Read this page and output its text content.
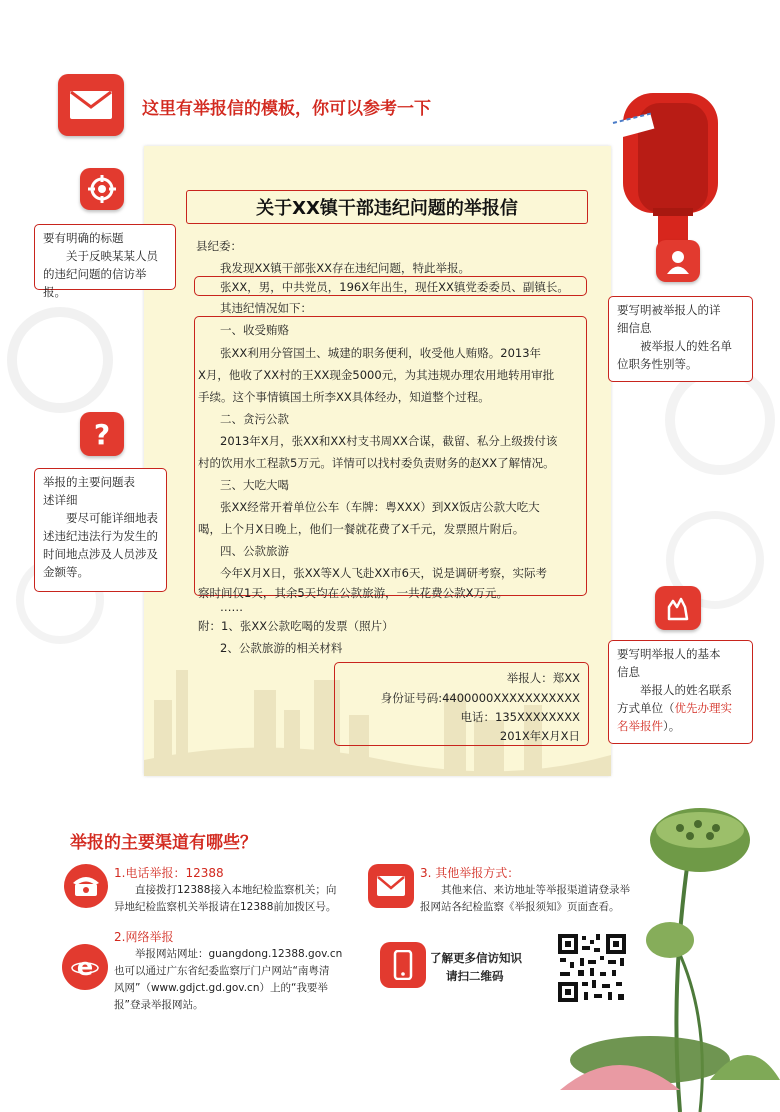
这里有举报信的模板，你可以参考一下
关于XX镇干部违纪问题的举报信
县纪委：
我发现XX镇干部张XX存在违纪问题，特此举报。
张XX，男，中共党员，196X年出生，现任XX镇党委委员、副镇长。
其违纪情况如下：
一、收受贿赂
张XX利用分管国土、城建的职务便利，收受他人贿赂。2013年
X月，他收了XX村的王XX现金5000元，为其违规办理农用地转用审批
手续。这个事情镇国土所李XX具体经办，知道整个过程。
二、贪污公款
2013年X月，张XX和XX村支书周XX合谋，截留、私分上级拨付该
村的饮用水工程款5万元。详情可以找村委负责财务的赵XX了解情况。
三、大吃大喝
张XX经常开着单位公车（车牌：粤XXX）到XX饭店公款大吃大
喝，上个月X日晚上，他们一餐就花费了X千元，发票照片附后。
四、公款旅游
今年X月X日，张XX等X人飞赴XX市6天，说是调研考察，实际考
察时间仅1天，其余5天均在公款旅游，一共花费公款X万元。
……
附：1、张XX公款吃喝的发票（照片）
2、公款旅游的相关材料
举报人：郑XX
身份证号码:4400000XXXXXXXXXXX
电话：135XXXXXXXX
201X年X月X日
?
要有明确的标题
关于反映某某人员
的违纪问题的信访举报。
要写明被举报人的详
细信息
被举报人的姓名单
位职务性别等。
举报的主要问题表
述详细
要尽可能详细地表
述违纪违法行为发生的
时间地点涉及人员涉及
金额等。
要写明举报人的基本
信息
举报人的姓名联系
方式单位（优先办理实
名举报件）。
举报的主要渠道有哪些？
1.电话举报：12388
直接拨打12388接入本地纪检监察机关；向
异地纪检监察机关举报请在12388前加拨区号。
e
2.网络举报
举报网站网址：guangdong.12388.gov.cn
也可以通过广东省纪委监察厅门户网站“南粤清
风网”（www.gdjct.gd.gov.cn）上的“我要举
报”登录举报网站。
3. 其他举报方式：
其他来信、来访地址等举报渠道请登录举
报网站各纪检监察《举报须知》页面查看。
了解更多信访知识
请扫二维码
